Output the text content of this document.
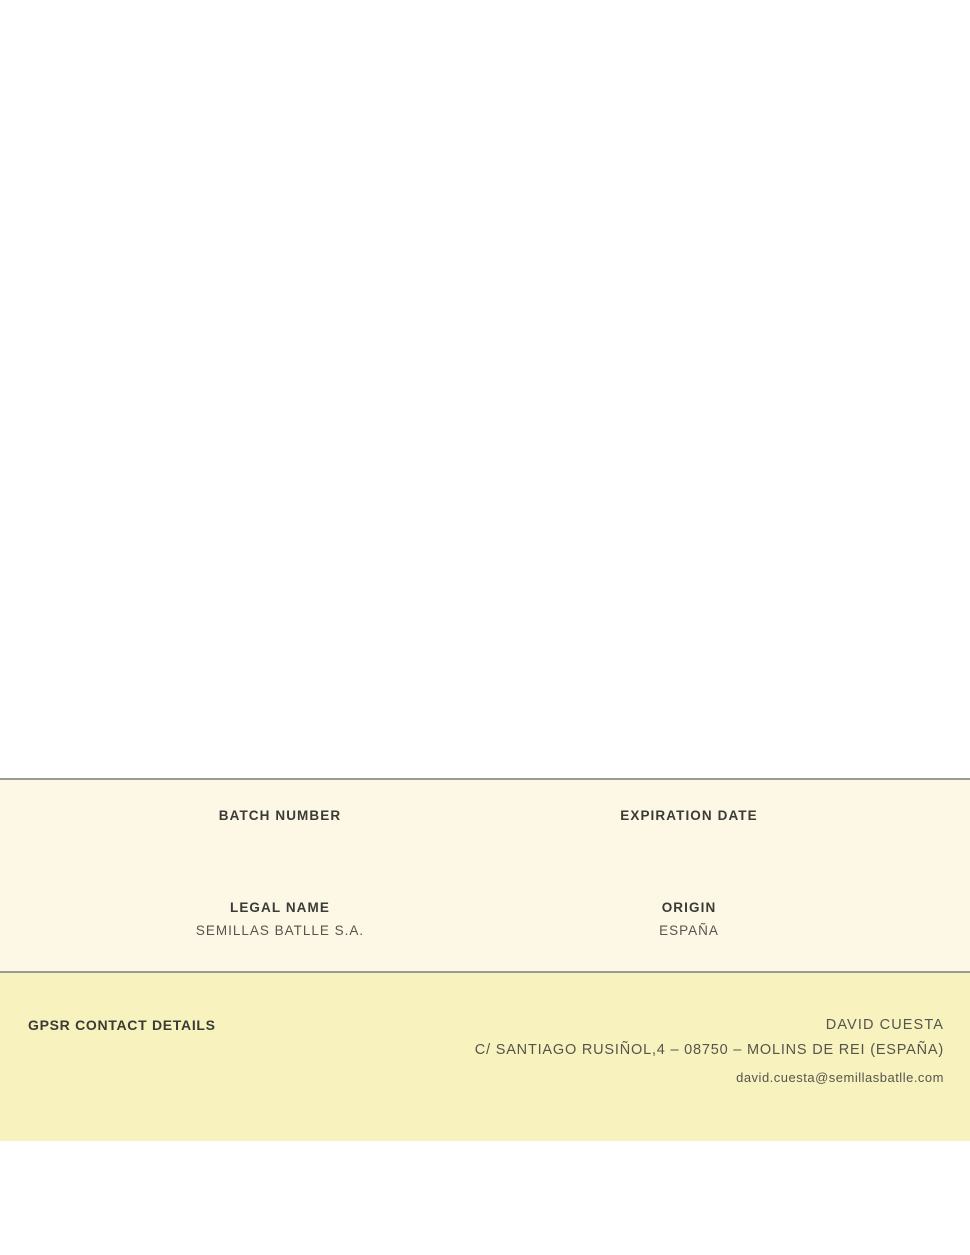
BATCH NUMBER	EXPIRATION DATE
LEGAL NAME
SEMILLAS BATLLE S.A.
ORIGIN
ESPAÑA
GPSR CONTACT DETAILS	DAVID CUESTA
C/ SANTIAGO RUSIÑOL,4 – 08750 – MOLINS DE REI (ESPAÑA)
david.cuesta@semillasbatlle.com
